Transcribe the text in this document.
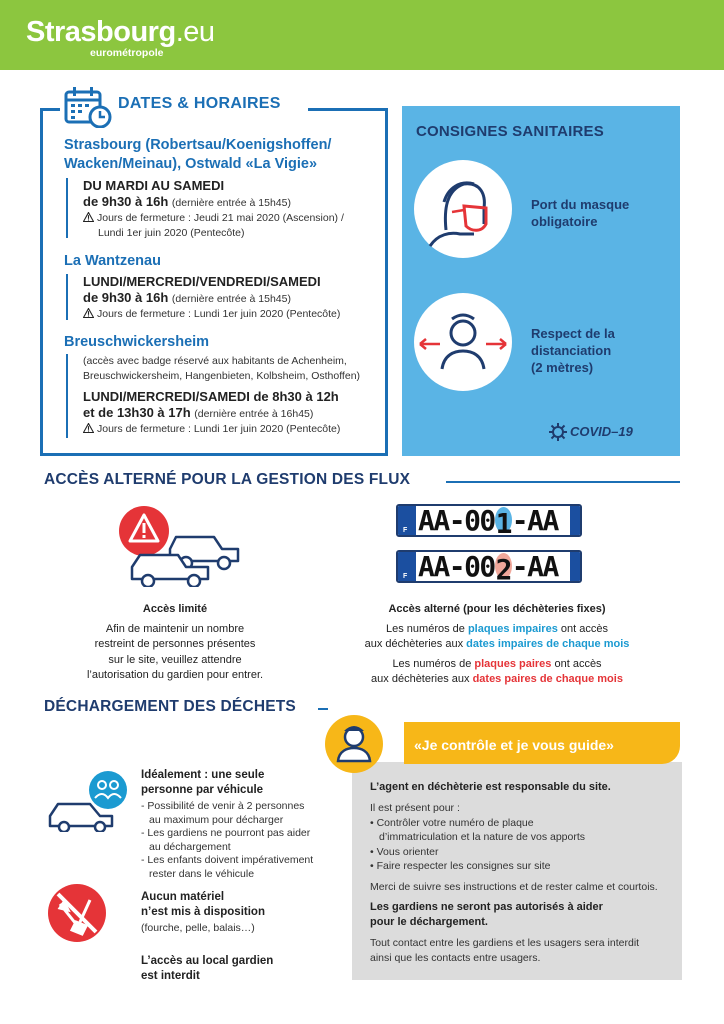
Strasbourg.eu
eurométropole
DATES & HORAIRES
Strasbourg (Robertsau/Koenigshoffen/
Wacken/Meinau), Ostwald «La Vigie»
DU MARDI AU SAMEDI
de 9h30 à 16h (dernière entrée à 15h45)
Jours de fermeture : Jeudi 21 mai 2020 (Ascension) /
Lundi 1er juin 2020 (Pentecôte)
La Wantzenau
LUNDI/MERCREDI/VENDREDI/SAMEDI
de 9h30 à 16h (dernière entrée à 15h45)
Jours de fermeture : Lundi 1er juin 2020 (Pentecôte)
Breuschwickersheim
(accès avec badge réservé aux habitants de Achenheim,
Breuschwickersheim, Hangenbieten, Kolbsheim, Osthoffen)
LUNDI/MERCREDI/SAMEDI de 8h30 à 12h
et de 13h30 à 17h (dernière entrée à 16h45)
Jours de fermeture : Lundi 1er juin 2020 (Pentecôte)
CONSIGNES SANITAIRES
Port du masque
obligatoire
Respect de la
distanciation
(2 mètres)
COVID–19
ACCÈS ALTERNÉ POUR LA GESTION DES FLUX
F AA-001-AA
F AA-002-AA
Accès limité
Afin de maintenir un nombre
restreint de personnes présentes
sur le site, veuillez attendre
l’autorisation du gardien pour entrer.
Accès alterné (pour les déchèteries fixes)
Les numéros de plaques impaires ont accès
aux déchèteries aux dates impaires de chaque mois
Les numéros de plaques paires ont accès
aux déchèteries aux dates paires de chaque mois
DÉCHARGEMENT DES DÉCHETS
Idéalement : une seule
personne par véhicule
- Possibilité de venir à 2 personnes
au maximum pour décharger
- Les gardiens ne pourront pas aider
au déchargement
- Les enfants doivent impérativement
rester dans le véhicule
Aucun matériel
n’est mis à disposition
(fourche, pelle, balais…)
L’accès au local gardien
est interdit
«Je contrôle et je vous guide»
L’agent en déchèterie est responsable du site.
Il est présent pour :
• Contrôler votre numéro de plaque
d’immatriculation et la nature de vos apports
• Vous orienter
• Faire respecter les consignes sur site
Merci de suivre ses instructions et de rester calme et courtois.
Les gardiens ne seront pas autorisés à aider
pour le déchargement.
Tout contact entre les gardiens et les usagers sera interdit
ainsi que les contacts entre usagers.
